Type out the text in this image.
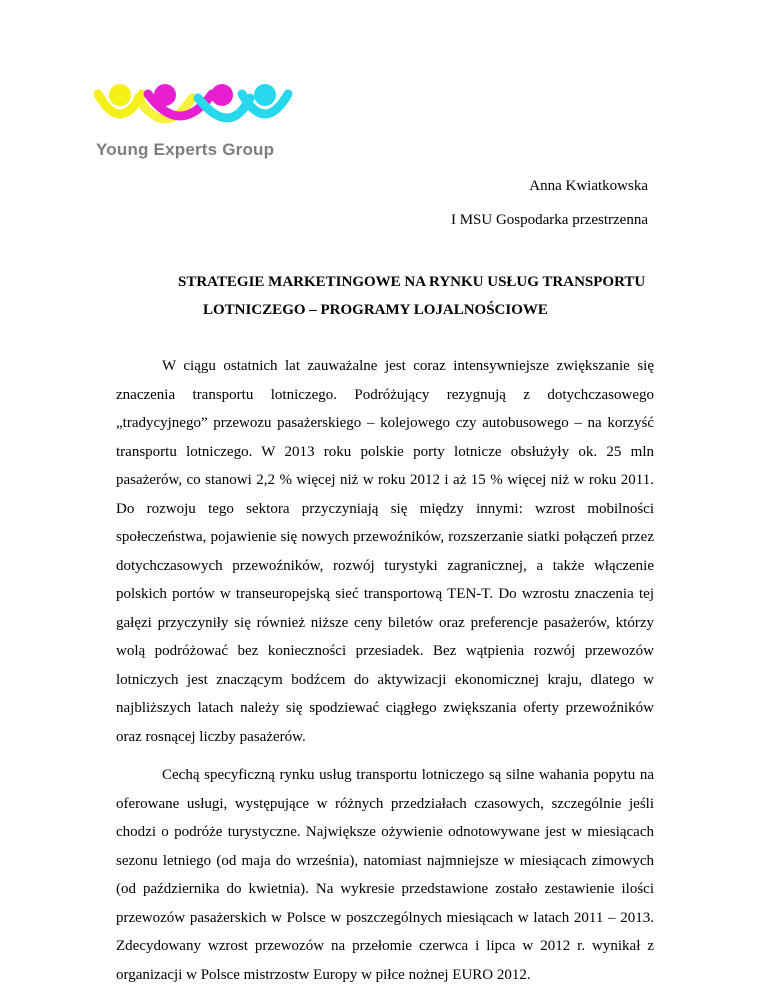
Young Experts Group
Anna Kwiatkowska
I MSU Gospodarka przestrzenna
STRATEGIE MARKETINGOWE NA RYNKU USŁUG TRANSPORTU
LOTNICZEGO – PROGRAMY LOJALNOŚCIOWE

W ciągu ostatnich lat zauważalne jest coraz intensywniejsze zwiększanie się znaczenia transportu lotniczego. Podróżujący rezygnują z dotychczasowego „tradycyjnego” przewozu pasażerskiego – kolejowego czy autobusowego – na korzyść transportu lotniczego. W 2013 roku polskie porty lotnicze obsłużyły ok. 25 mln pasażerów, co stanowi 2,2 % więcej niż w roku 2012 i aż 15 % więcej niż w roku 2011. Do rozwoju tego sektora przyczyniają się między innymi: wzrost mobilności społeczeństwa, pojawienie się nowych przewoźników, rozszerzanie siatki połączeń przez dotychczasowych przewoźników, rozwój turystyki zagranicznej, a także włączenie polskich portów w transeuropejską sieć transportową TEN-T. Do wzrostu znaczenia tej gałęzi przyczyniły się również niższe ceny biletów oraz preferencje pasażerów, którzy wolą podróżować bez konieczności przesiadek. Bez wątpienia rozwój przewozów lotniczych jest znaczącym bodźcem do aktywizacji ekonomicznej kraju, dlatego w najbliższych latach należy się spodziewać ciągłego zwiększania oferty przewoźników oraz rosnącej liczby pasażerów.

Cechą specyficzną rynku usług transportu lotniczego są silne wahania popytu na oferowane usługi, występujące w różnych przedziałach czasowych, szczególnie jeśli chodzi o podróże turystyczne. Największe ożywienie odnotowywane jest w miesiącach sezonu letniego (od maja do września), natomiast najmniejsze w miesiącach zimowych (od października do kwietnia). Na wykresie przedstawione zostało zestawienie ilości przewozów pasażerskich w Polsce w poszczególnych miesiącach w latach 2011 – 2013. Zdecydowany wzrost przewozów na przełomie czerwca i lipca w 2012 r. wynikał z organizacji w Polsce mistrzostw Europy w piłce nożnej EURO 2012.
